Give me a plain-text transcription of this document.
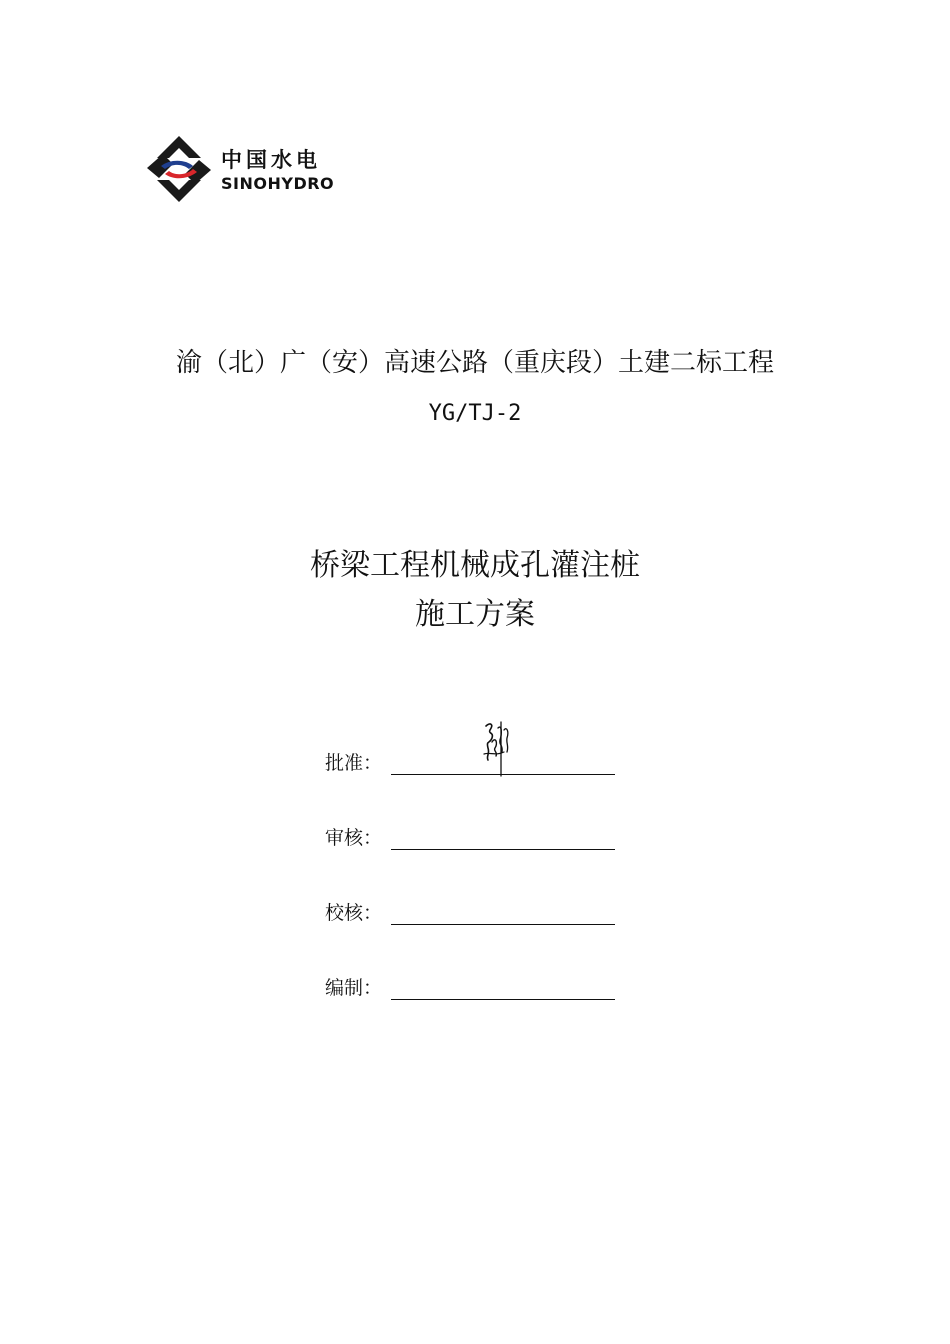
中国水电
SINOHYDRO
渝（北）广（安）高速公路（重庆段）土建二标工程
YG/TJ-2
桥梁工程机械成孔灌注桩
施工方案
批准：
审核：
校核：
编制：
